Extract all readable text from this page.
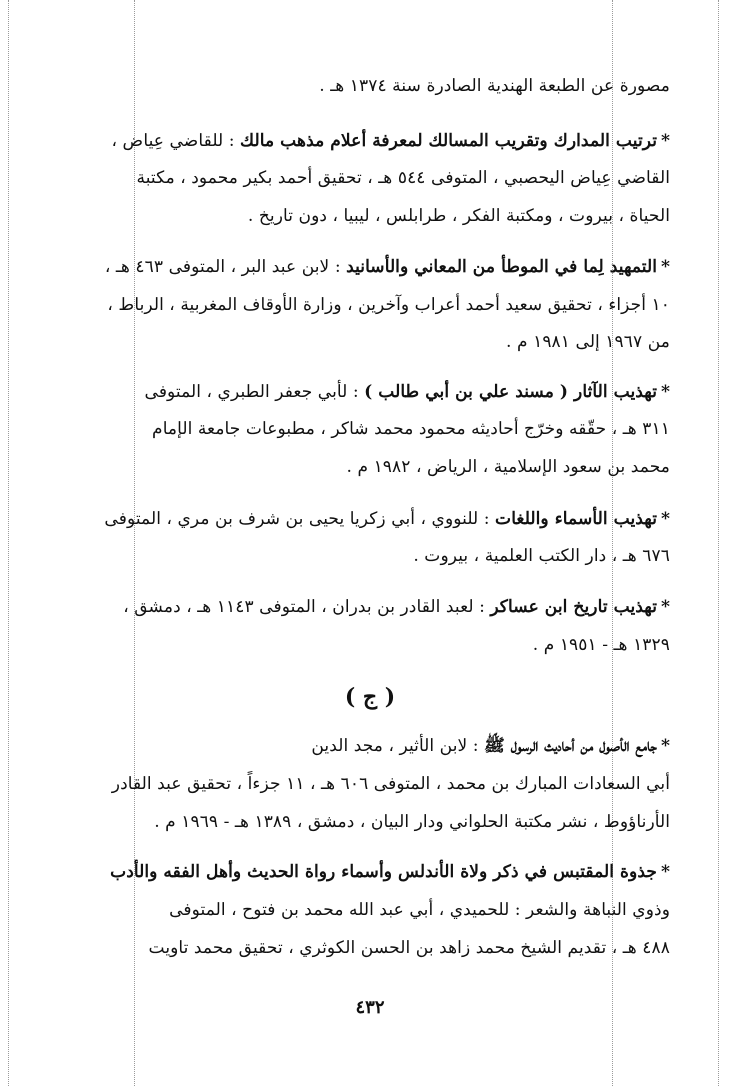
مصورة عن الطبعة الهندية الصادرة سنة ١٣٧٤ هـ .
*ترتيب المدارك وتقريب المسالك لمعرفة أعلام مذهب مالك : للقاضي عِياض ،
القاضي عِياض اليحصبي ، المتوفى ٥٤٤ هـ ، تحقيق أحمد بكير محمود ، مكتبة
الحياة ، بيروت ، ومكتبة الفكر ، طرابلس ، ليبيا ، دون تاريخ .
*التمهيد لِما في الموطأ من المعاني والأسانيد : لابن عبد البر ، المتوفى ٤٦٣ هـ ،
١٠ أجزاء ، تحقيق سعيد أحمد أعراب وآخرين ، وزارة الأوقاف المغربية ، الرباط ،
من ١٩٦٧ إلى ١٩٨١ م .
*تهذيب الآثار ( مسند علي بن أبي طالب ) : لأبي جعفر الطبري ، المتوفى
٣١١ هـ ، حقّقه وخرّج أحاديثه محمود محمد شاكر ، مطبوعات جامعة الإمام
محمد بن سعود الإسلامية ، الرياض ، ١٩٨٢ م .
*تهذيب الأسماء واللغات : للنووي ، أبي زكريا يحيى بن شرف بن مري ، المتوفى
٦٧٦ هـ ، دار الكتب العلمية ، بيروت .
*تهذيب تاريخ ابن عساكر : لعبد القادر بن بدران ، المتوفى ١١٤٣ هـ ، دمشق ،
١٣٢٩ هـ - ١٩٥١ م .
( ج )
*جامع الأصول من أحاديث الرسول ﷺ : لابن الأثير ، مجد الدين
أبي السعادات المبارك بن محمد ، المتوفى ٦٠٦ هـ ، ١١ جزءاً ، تحقيق عبد القادر
الأرناؤوط ، نشر مكتبة الحلواني ودار البيان ، دمشق ، ١٣٨٩ هـ - ١٩٦٩ م .
*جذوة المقتبس في ذكر ولاة الأندلس وأسماء رواة الحديث وأهل الفقه والأدب
وذوي النباهة والشعر : للحميدي ، أبي عبد الله محمد بن فتوح ، المتوفى
٤٨٨ هـ ، تقديم الشيخ محمد زاهد بن الحسن الكوثري ، تحقيق محمد تاويت
٤٣٢
